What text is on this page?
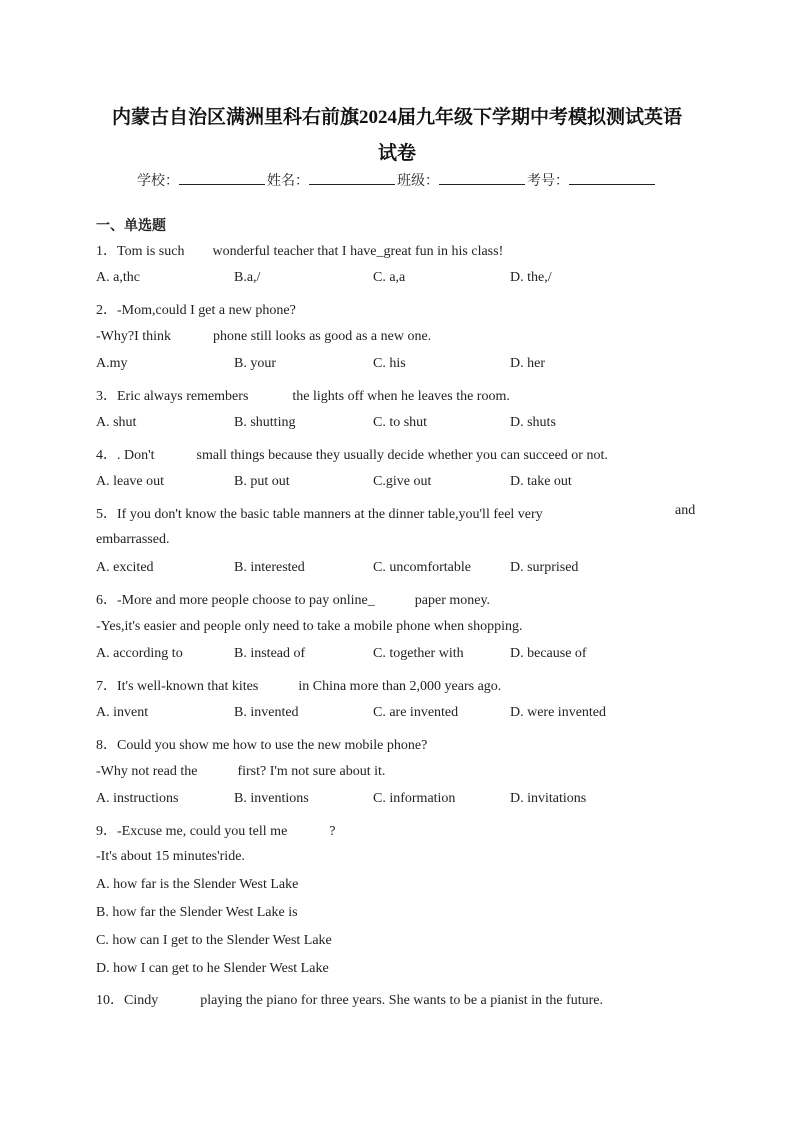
内蒙古自治区满洲里科右前旗2024届九年级下学期中考模拟测试英语
试卷
学校：	姓名：	班级：	考号：
一、单选题
1．Tom is such wonderful teacher that I have_great fun in his class!
A. a,thc	B.a,/	C. a,a	D. the,/
2．-Mom,could I get a new phone?
-Why?I think	phone still looks as good as a new one.
A.my	B. your	C. his	D. her
3．Eric always remembers	the lights off when he leaves the room.
A. shut	B. shutting	C. to shut	D. shuts
4．. Don't	small things because they usually decide whether you can succeed or not.
A. leave out	B. put out	C.give out	D. take out
5．If you don't know the basic table manners at the dinner table,you'll feel very	and
embarrassed.
A. excited	B. interested	C. uncomfortable	D. surprised
6．-More and more people choose to pay online_	paper money.
-Yes,it's easier and people only need to take a mobile phone when shopping.
A. according to	B. instead of	C. together with	D. because of
7．It's well-known that kites	in China more than 2,000 years ago.
A. invent	B. invented	C. are invented	D. were invented
8．Could you show me how to use the new mobile phone?
-Why not read the	first? I'm not sure about it.
A. instructions	B. inventions	C. information	D. invitations
9．-Excuse me, could you tell me	?
-It's about 15 minutes'ride.
A. how far is the Slender West Lake
B. how far the Slender West Lake is
C. how can I get to the Slender West Lake
D. how I can get to he Slender West Lake
10．Cindy	playing the piano for three years. She wants to be a pianist in the future.
